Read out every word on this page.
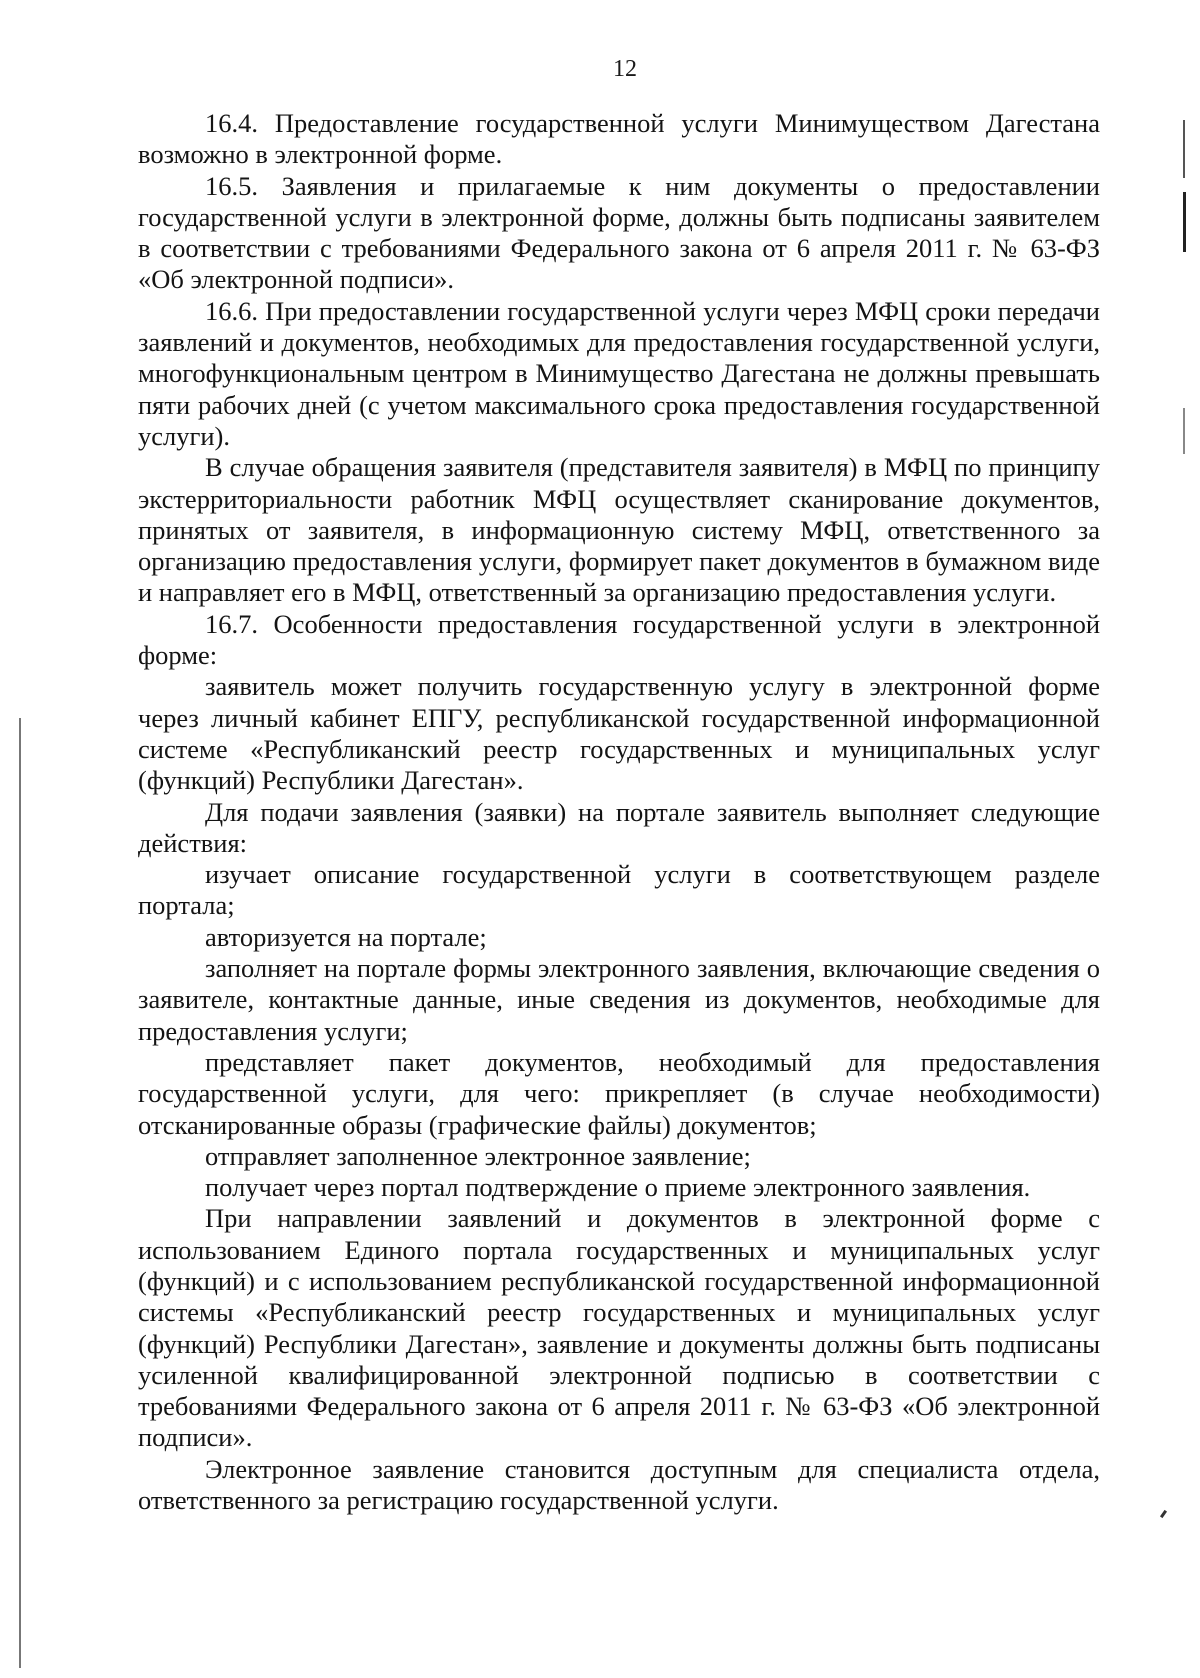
12

16.4. Предоставление государственной услуги Минимуществом Дагестана возможно в электронной форме.

16.5. Заявления и прилагаемые к ним документы о предоставлении государственной услуги в электронной форме, должны быть подписаны заявителем в соответствии с требованиями Федерального закона от 6 апреля 2011 г. № 63-ФЗ «Об электронной подписи».

16.6. При предоставлении государственной услуги через МФЦ сроки передачи заявлений и документов, необходимых для предоставления государственной услуги, многофункциональным центром в Минимущество Дагестана не должны превышать пяти рабочих дней (с учетом максимального срока предоставления государственной услуги).

В случае обращения заявителя (представителя заявителя) в МФЦ по принципу экстерриториальности работник МФЦ осуществляет сканирование документов, принятых от заявителя, в информационную систему МФЦ, ответственного за организацию предоставления услуги, формирует пакет документов в бумажном виде и направляет его в МФЦ, ответственный за организацию предоставления услуги.

16.7. Особенности предоставления государственной услуги в электронной форме:

заявитель может получить государственную услугу в электронной форме через личный кабинет ЕПГУ, республиканской государственной информационной системе «Республиканский реестр государственных и муниципальных услуг (функций) Республики Дагестан».

Для подачи заявления (заявки) на портале заявитель выполняет следующие действия:

изучает описание государственной услуги в соответствующем разделе портала;

авторизуется на портале;

заполняет на портале формы электронного заявления, включающие сведения о заявителе, контактные данные, иные сведения из документов, необходимые для предоставления услуги;

представляет пакет документов, необходимый для предоставления государственной услуги, для чего: прикрепляет (в случае необходимости) отсканированные образы (графические файлы) документов;

отправляет заполненное электронное заявление;

получает через портал подтверждение о приеме электронного заявления.

При направлении заявлений и документов в электронной форме с использованием Единого портала государственных и муниципальных услуг (функций) и с использованием республиканской государственной информационной системы «Республиканский реестр государственных и муниципальных услуг (функций) Республики Дагестан», заявление и документы должны быть подписаны усиленной квалифицированной электронной подписью в соответствии с требованиями Федерального закона от 6 апреля 2011 г. № 63-ФЗ «Об электронной подписи».

Электронное заявление становится доступным для специалиста отдела, ответственного за регистрацию государственной услуги.
